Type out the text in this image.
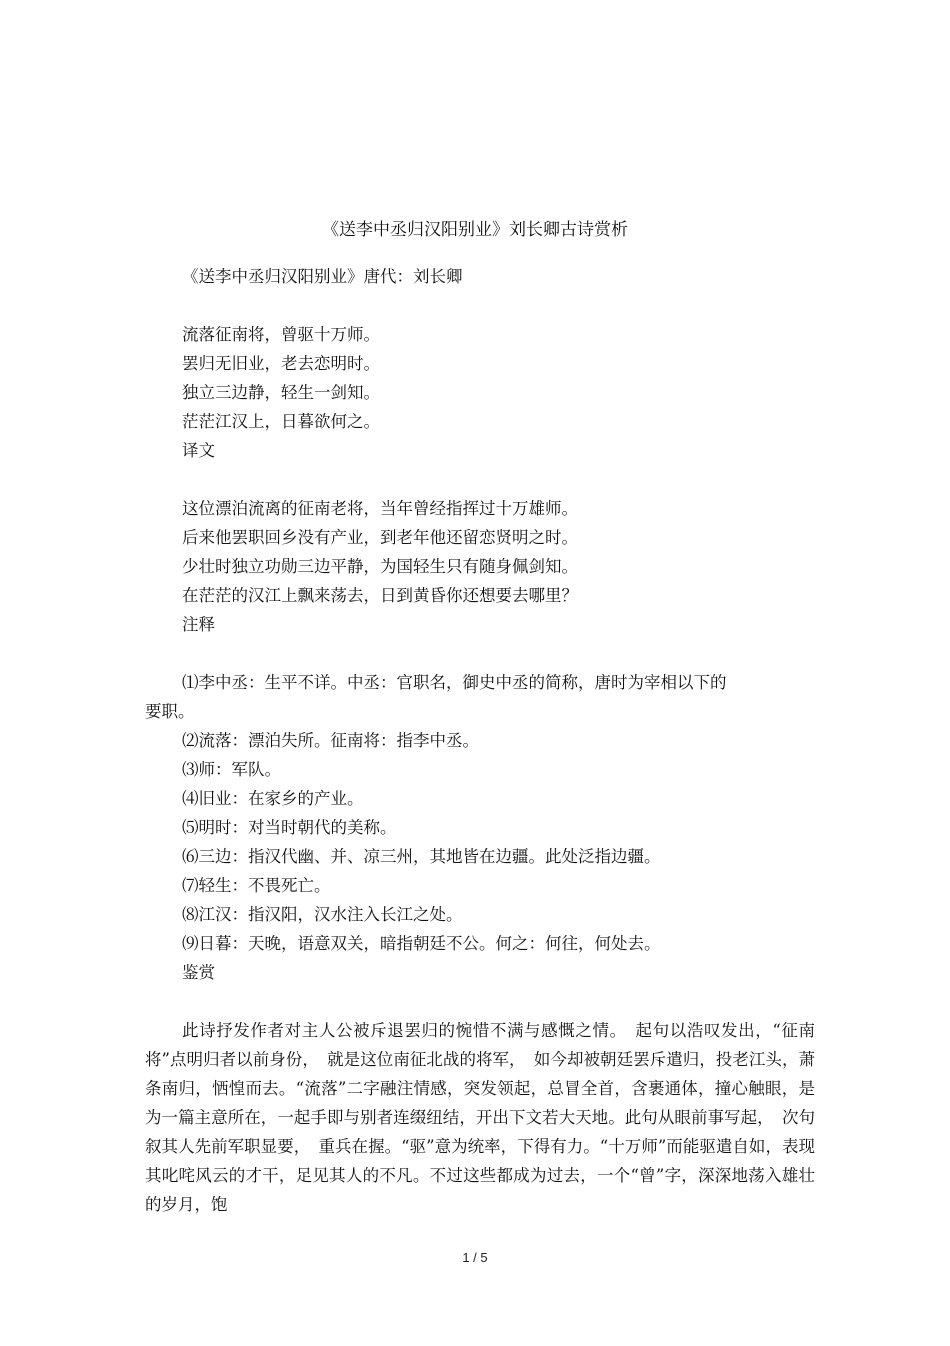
《送李中丞归汉阳别业》刘长卿古诗赏析
《送李中丞归汉阳别业》唐代：刘长卿
流落征南将，曾驱十万师。
罢归无旧业，老去恋明时。
独立三边静，轻生一剑知。
茫茫江汉上，日暮欲何之。
译文
这位漂泊流离的征南老将，当年曾经指挥过十万雄师。
后来他罢职回乡没有产业，到老年他还留恋贤明之时。
少壮时独立功勋三边平静，为国轻生只有随身佩剑知。
在茫茫的汉江上飘来荡去，日到黄昏你还想要去哪里？
注释
⑴李中丞：生平不详。中丞：官职名，御史中丞的简称，唐时为宰相以下的
要职。
⑵流落：漂泊失所。征南将：指李中丞。
⑶师：军队。
⑷旧业：在家乡的产业。
⑸明时：对当时朝代的美称。
⑹三边：指汉代幽、并、凉三州，其地皆在边疆。此处泛指边疆。
⑺轻生：不畏死亡。
⑻江汉：指汉阳，汉水注入长江之处。
⑼日暮：天晚，语意双关，暗指朝廷不公。何之：何往，何处去。
鉴赏
此诗抒发作者对主人公被斥退罢归的惋惜不满与感慨之情。　起句以浩叹发出，“征南将”点明归者以前身份，　就是这位南征北战的将军，　如今却被朝廷罢斥遣归，投老江头，萧条南归，恓惶而去。“流落”二字融注情感，突发领起，总冒全首，含裹通体，撞心触眼，是为一篇主意所在，一起手即与别者连缀纽结，开出下文若大天地。此句从眼前事写起，　次句叙其人先前军职显要，　重兵在握。“驱”意为统率，下得有力。“十万师”而能驱遣自如，表现其叱咤风云的才干，足见其人的不凡。不过这些都成为过去，一个“曾”字，深深地荡入雄壮的岁月，饱
1 / 5
